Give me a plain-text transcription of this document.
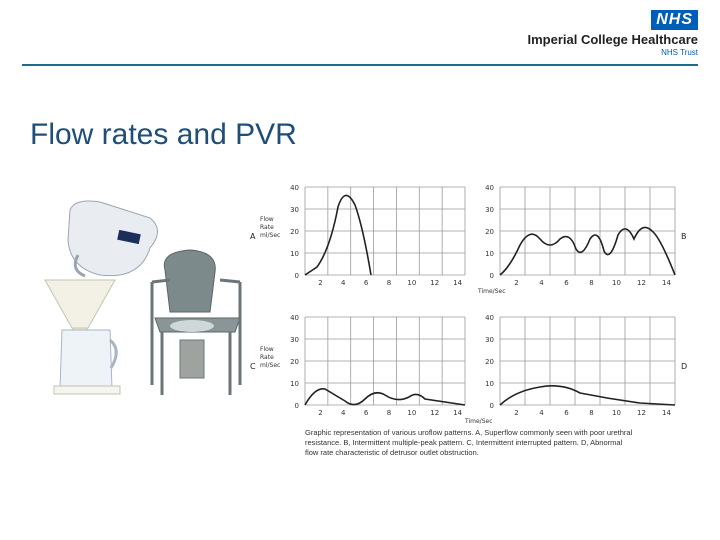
NHS
Imperial College Healthcare
NHS Trust
Flow rates and PVR
0
10
20
30
40
2	4	6	8 10 12 14
A
Flow
Rate
ml/Sec
0
10
20
30
40
2	4	6	8	10 12 14
B
Time/Sec
0
10
20
30
40
2	4	6	8 10 12 14
C
Flow
Rate
ml/Sec
Time/Sec
0
10
20
30
40
2	4	6	8	10 12 14
D
Graphic representation of various uroflow patterns. A, Superflow commonly seen with poor urethral resistance. B, Intermittent multiple-peak pattern. C, Intermittent interrupted pattern. D, Abnormal flow rate characteristic of detrusor outlet obstruction.
